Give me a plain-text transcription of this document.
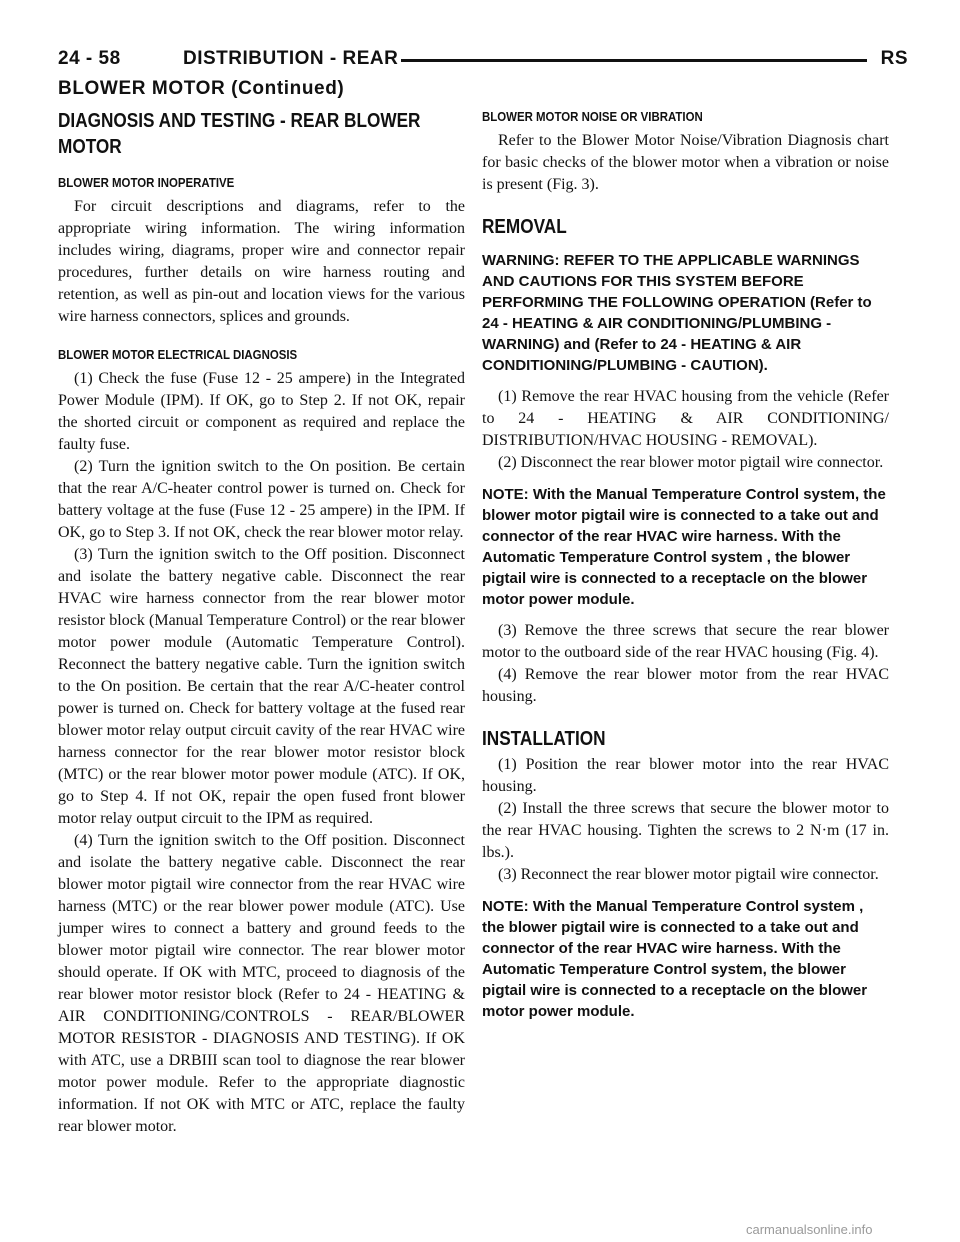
24 - 58	DISTRIBUTION - REAR	RS
BLOWER MOTOR (Continued)
DIAGNOSIS AND TESTING - REAR BLOWER MOTOR
BLOWER MOTOR INOPERATIVE

For circuit descriptions and diagrams, refer to the appropriate wiring information. The wiring information includes wiring, diagrams, proper wire and connector repair procedures, further details on wire harness routing and retention, as well as pin-out and location views for the various wire harness connectors, splices and grounds.

BLOWER MOTOR ELECTRICAL DIAGNOSIS

(1) Check the fuse (Fuse 12 - 25 ampere) in the Integrated Power Module (IPM). If OK, go to Step 2. If not OK, repair the shorted circuit or component as required and replace the faulty fuse.

(2) Turn the ignition switch to the On position. Be certain that the rear A/C-heater control power is turned on. Check for battery voltage at the fuse (Fuse 12 - 25 ampere) in the IPM. If OK, go to Step 3. If not OK, check the rear blower motor relay.

(3) Turn the ignition switch to the Off position. Disconnect and isolate the battery negative cable. Disconnect the rear HVAC wire harness connector from the rear blower motor resistor block (Manual Temperature Control) or the rear blower motor power module (Automatic Temperature Control). Reconnect the battery negative cable. Turn the ignition switch to the On position. Be certain that the rear A/C-heater control power is turned on. Check for battery voltage at the fused rear blower motor relay output circuit cavity of the rear HVAC wire harness connector for the rear blower motor resistor block (MTC) or the rear blower motor power module (ATC). If OK, go to Step 4. If not OK, repair the open fused front blower motor relay output circuit to the IPM as required.

(4) Turn the ignition switch to the Off position. Disconnect and isolate the battery negative cable. Disconnect the rear blower motor pigtail wire connector from the rear HVAC wire harness (MTC) or the rear blower power module (ATC). Use jumper wires to connect a battery and ground feeds to the blower motor pigtail wire connector. The rear blower motor should operate. If OK with MTC, proceed to diagnosis of the rear blower motor resistor block (Refer to 24 - HEATING & AIR CONDITIONING/CONTROLS - REAR/BLOWER MOTOR RESISTOR - DIAGNOSIS AND TESTING). If OK with ATC, use a DRBIII scan tool to diagnose the rear blower motor power module. Refer to the appropriate diagnostic information. If not OK with MTC or ATC, replace the faulty rear blower motor.

BLOWER MOTOR NOISE OR VIBRATION

Refer to the Blower Motor Noise/Vibration Diagnosis chart for basic checks of the blower motor when a vibration or noise is present (Fig. 3).

REMOVAL

WARNING: REFER TO THE APPLICABLE WARNINGS AND CAUTIONS FOR THIS SYSTEM BEFORE PERFORMING THE FOLLOWING OPERATION (Refer to 24 - HEATING & AIR CONDITIONING/PLUMBING - WARNING) and (Refer to 24 - HEATING & AIR CONDITIONING/PLUMBING - CAUTION).

(1) Remove the rear HVAC housing from the vehicle (Refer to 24 - HEATING & AIR CONDITIONING/ DISTRIBUTION/HVAC HOUSING - REMOVAL).

(2) Disconnect the rear blower motor pigtail wire connector.

NOTE: With the Manual Temperature Control system, the blower motor pigtail wire is connected to a take out and connector of the rear HVAC wire harness. With the Automatic Temperature Control system , the blower pigtail wire is connected to a receptacle on the blower motor power module.

(3) Remove the three screws that secure the rear blower motor to the outboard side of the rear HVAC housing (Fig. 4).

(4) Remove the rear blower motor from the rear HVAC housing.

INSTALLATION

(1) Position the rear blower motor into the rear HVAC housing.

(2) Install the three screws that secure the blower motor to the rear HVAC housing. Tighten the screws to 2 N·m (17 in. lbs.).

(3) Reconnect the rear blower motor pigtail wire connector.

NOTE: With the Manual Temperature Control system , the blower pigtail wire is connected to a take out and connector of the rear HVAC wire harness. With the Automatic Temperature Control system, the blower pigtail wire is connected to a receptacle on the blower motor power module.

carmanualsonline.info
